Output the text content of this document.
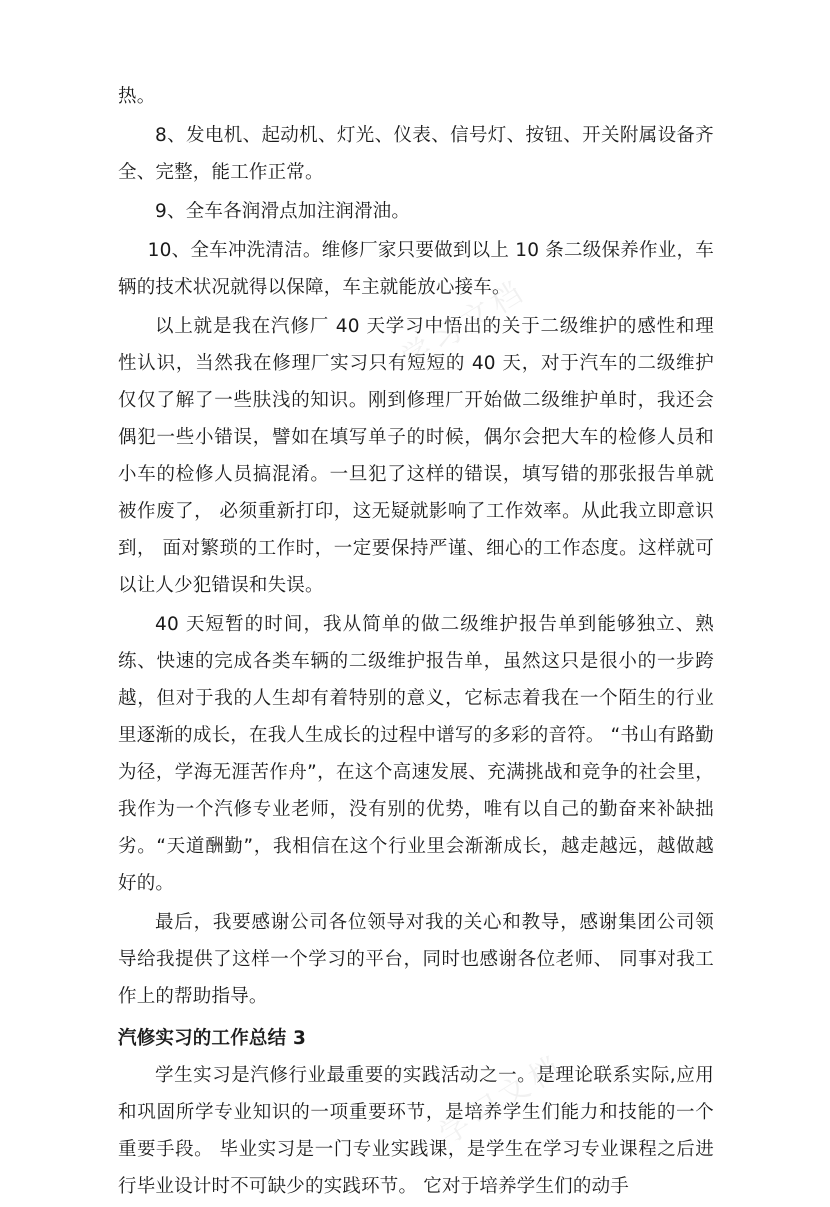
学习文档
学习文档

热。

8、发电机、起动机、灯光、仪表、信号灯、按钮、开关附属设备齐全、完整，能工作正常。

9、全车各润滑点加注润滑油。

10、全车冲洗清洁。维修厂家只要做到以上 10 条二级保养作业，车辆的技术状况就得以保障，车主就能放心接车。

以上就是我在汽修厂 40 天学习中悟出的关于二级维护的感性和理性认识，当然我在修理厂实习只有短短的 40 天，对于汽车的二级维护仅仅了解了一些肤浅的知识。刚到修理厂开始做二级维护单时，我还会偶犯一些小错误，譬如在填写单子的时候，偶尔会把大车的检修人员和小车的检修人员搞混淆。一旦犯了这样的错误，填写错的那张报告单就被作废了， 必须重新打印，这无疑就影响了工作效率。从此我立即意识到， 面对繁琐的工作时，一定要保持严谨、细心的工作态度。这样就可以让人少犯错误和失误。

40 天短暂的时间，我从简单的做二级维护报告单到能够独立、熟练、快速的完成各类车辆的二级维护报告单，虽然这只是很小的一步跨越，但对于我的人生却有着特别的意义，它标志着我在一个陌生的行业里逐渐的成长，在我人生成长的过程中谱写的多彩的音符。 “书山有路勤为径，学海无涯苦作舟”，在这个高速发展、充满挑战和竞争的社会里，我作为一个汽修专业老师，没有别的优势，唯有以自己的勤奋来补缺拙劣。“天道酬勤”，我相信在这个行业里会渐渐成长，越走越远，越做越好的。

最后，我要感谢公司各位领导对我的关心和教导，感谢集团公司领导给我提供了这样一个学习的平台，同时也感谢各位老师、 同事对我工作上的帮助指导。

汽修实习的工作总结 3

学生实习是汽修行业最重要的实践活动之一。是理论联系实际,应用和巩固所学专业知识的一项重要环节，是培养学生们能力和技能的一个重要手段。 毕业实习是一门专业实践课，是学生在学习专业课程之后进行毕业设计时不可缺少的实践环节。 它对于培养学生们的动手
